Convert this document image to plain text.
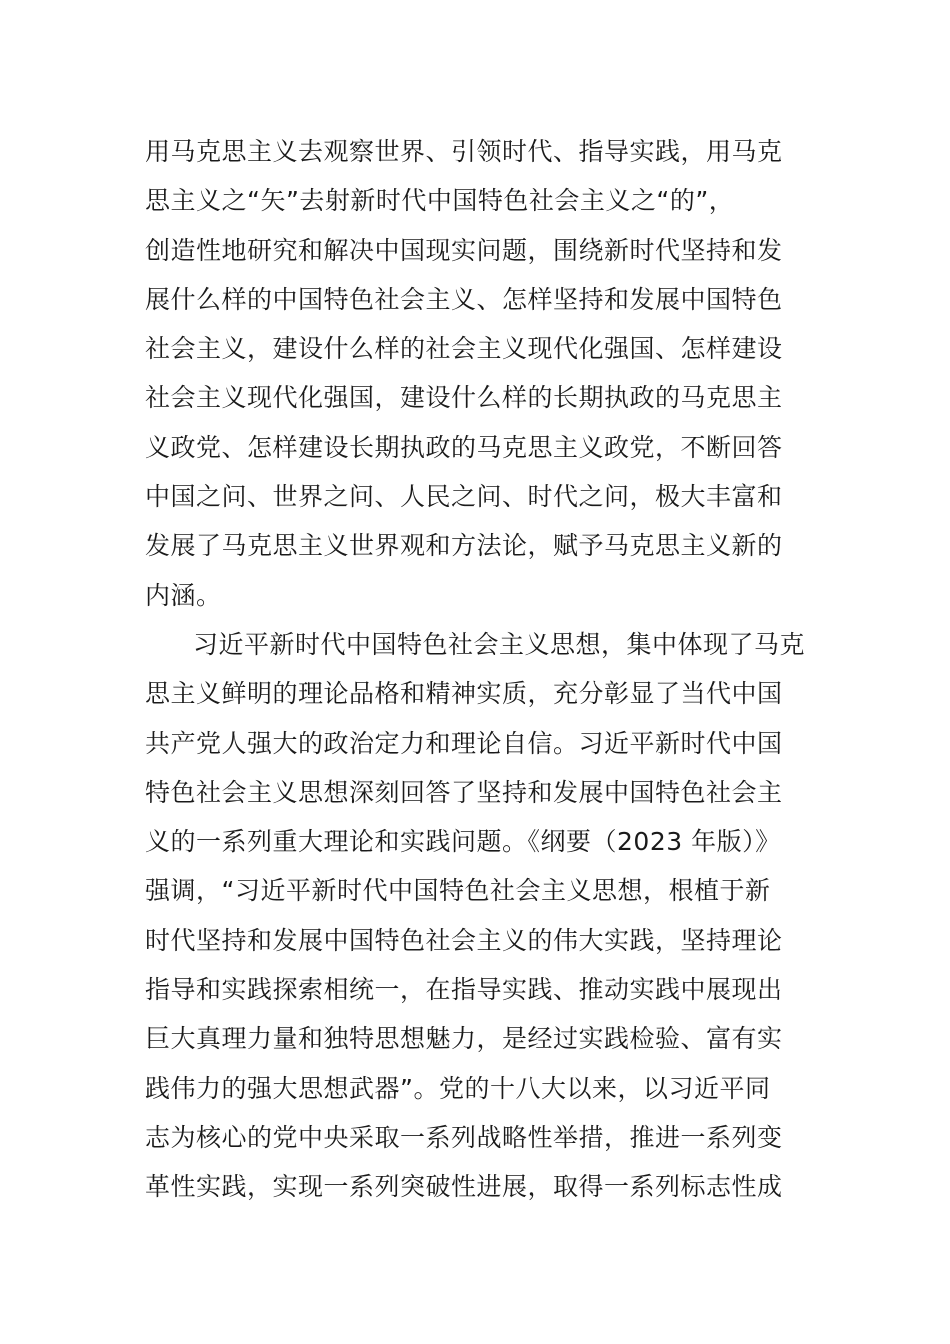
用马克思主义去观察世界、引领时代、指导实践，用马克
思主义之“矢”去射新时代中国特色社会主义之“的”，
创造性地研究和解决中国现实问题，围绕新时代坚持和发
展什么样的中国特色社会主义、怎样坚持和发展中国特色
社会主义，建设什么样的社会主义现代化强国、怎样建设
社会主义现代化强国，建设什么样的长期执政的马克思主
义政党、怎样建设长期执政的马克思主义政党，不断回答
中国之问、世界之问、人民之问、时代之问，极大丰富和
发展了马克思主义世界观和方法论，赋予马克思主义新的
内涵。
习近平新时代中国特色社会主义思想，集中体现了马克
思主义鲜明的理论品格和精神实质，充分彰显了当代中国
共产党人强大的政治定力和理论自信。习近平新时代中国
特色社会主义思想深刻回答了坚持和发展中国特色社会主
义的一系列重大理论和实践问题。《纲要（2023 年版）》
强调，“习近平新时代中国特色社会主义思想，根植于新
时代坚持和发展中国特色社会主义的伟大实践，坚持理论
指导和实践探索相统一，在指导实践、推动实践中展现出
巨大真理力量和独特思想魅力，是经过实践检验、富有实
践伟力的强大思想武器”。党的十八大以来，以习近平同
志为核心的党中央采取一系列战略性举措，推进一系列变
革性实践，实现一系列突破性进展，取得一系列标志性成
